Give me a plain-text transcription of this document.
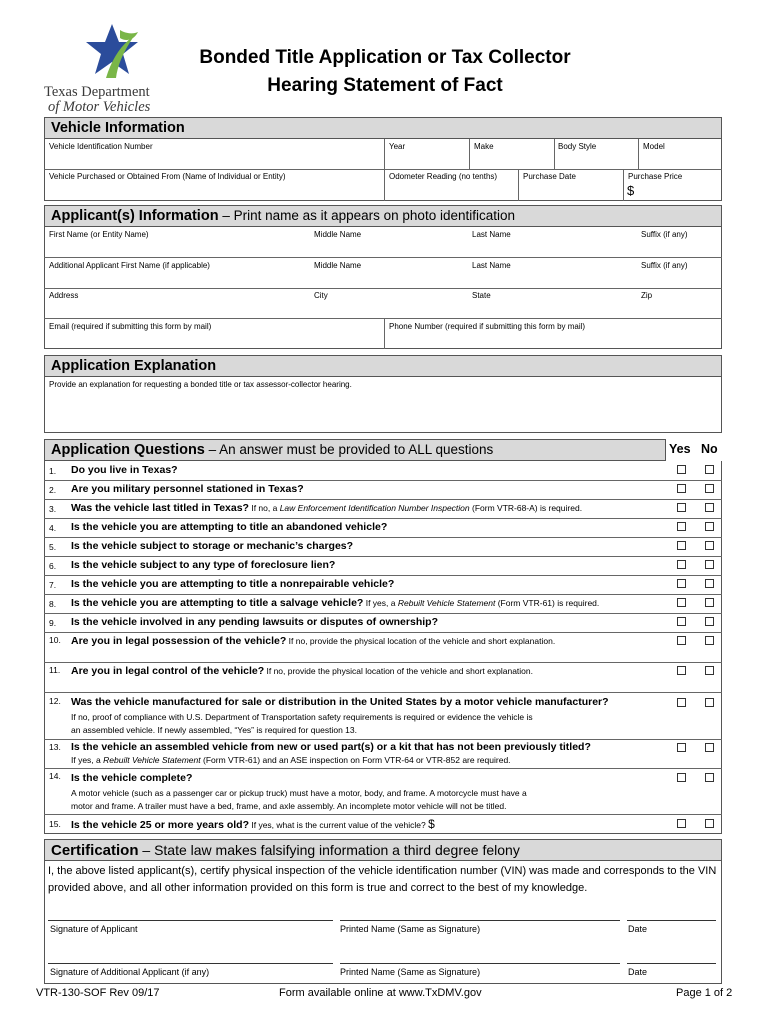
Texas Department
of Motor Vehicles
Bonded Title Application or Tax Collector
Hearing Statement of Fact
Vehicle Information
Vehicle Identification Number	Year	Make	Body Style	Model
Vehicle Purchased or Obtained From (Name of Individual or Entity)	Odometer Reading (no tenths)	Purchase Date	Purchase Price
$
Applicant(s) Information – Print name as it appears on photo identification
First Name (or Entity Name)	Middle Name	Last Name	Suffix (if any)
Additional Applicant First Name (if applicable)	Middle Name	Last Name	Suffix (if any)
Address	City	State	Zip
Email (required if submitting this form by mail)	Phone Number (required if submitting this form by mail)
Application Explanation
Provide an explanation for requesting a bonded title or tax assessor-collector hearing.
Application Questions – An answer must be provided to ALL questions	Yes No
1. Do you live in Texas?
2. Are you military personnel stationed in Texas?
3. Was the vehicle last titled in Texas? If no, a Law Enforcement Identification Number Inspection (Form VTR-68-A) is required.
4. Is the vehicle you are attempting to title an abandoned vehicle?
5. Is the vehicle subject to storage or mechanic’s charges?
6. Is the vehicle subject to any type of foreclosure lien?
7. Is the vehicle you are attempting to title a nonrepairable vehicle?
8. Is the vehicle you are attempting to title a salvage vehicle? If yes, a Rebuilt Vehicle Statement (Form VTR-61) is required.
9. Is the vehicle involved in any pending lawsuits or disputes of ownership?
10. Are you in legal possession of the vehicle? If no, provide the physical location of the vehicle and short explanation.
11. Are you in legal control of the vehicle? If no, provide the physical location of the vehicle and short explanation.
12. Was the vehicle manufactured for sale or distribution in the United States by a motor vehicle manufacturer?
If no, proof of compliance with U.S. Department of Transportation safety requirements is required or evidence the vehicle is
an assembled vehicle. If newly assembled, “Yes” is required for question 13.
13. Is the vehicle an assembled vehicle from new or used part(s) or a kit that has not been previously titled?
If yes, a Rebuilt Vehicle Statement (Form VTR-61) and an ASE inspection on Form VTR-64 or VTR-852 are required.
14. Is the vehicle complete?
A motor vehicle (such as a passenger car or pickup truck) must have a motor, body, and frame. A motorcycle must have a
motor and frame. A trailer must have a bed, frame, and axle assembly. An incomplete motor vehicle will not be titled.
15. Is the vehicle 25 or more years old? If yes, what is the current value of the vehicle? $
Certification – State law makes falsifying information a third degree felony
I, the above listed applicant(s), certify physical inspection of the vehicle identification number (VIN) was made and corresponds to the VIN provided above, and all other information provided on this form is true and correct to the best of my knowledge.
Signature of Applicant	Printed Name (Same as Signature)	Date
Signature of Additional Applicant (if any)	Printed Name (Same as Signature)	Date
VTR-130-SOF Rev 09/17	Form available online at www.TxDMV.gov	Page 1 of 2
